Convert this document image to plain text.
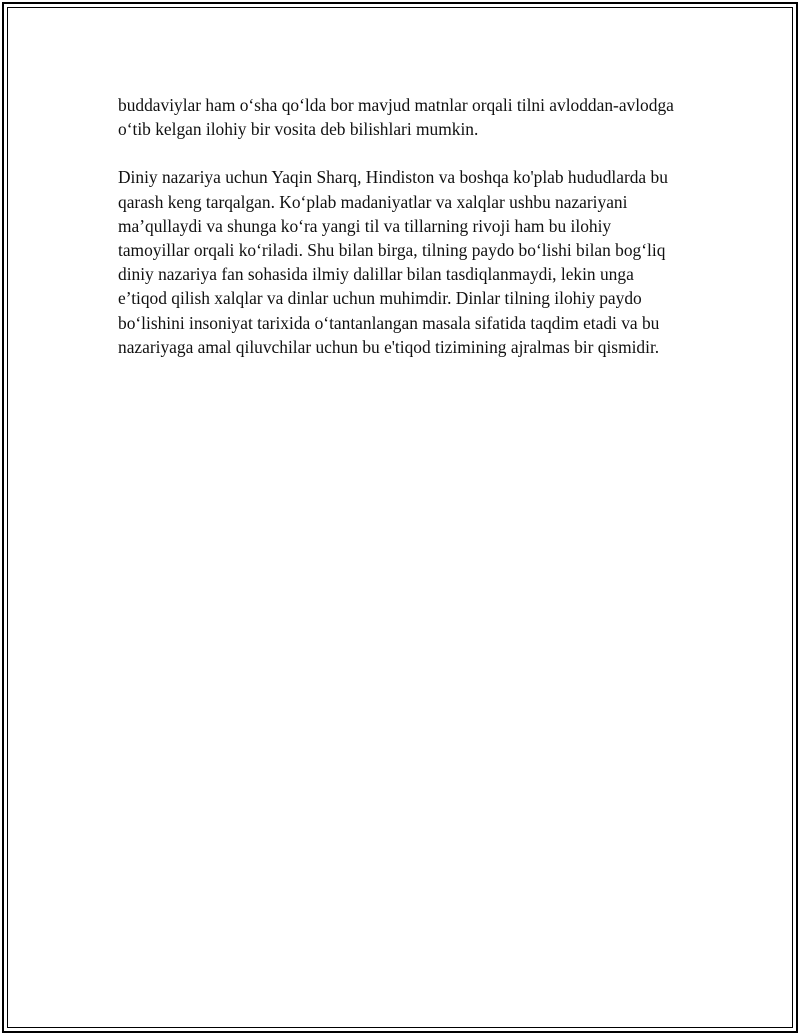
buddaviylar ham o‘sha qo‘lda bor mavjud matnlar orqali tilni avloddan-avlodga o‘tib kelgan ilohiy bir vosita deb bilishlari mumkin.

Diniy nazariya uchun Yaqin Sharq, Hindiston va boshqa ko'plab hududlarda bu qarash keng tarqalgan. Ko‘plab madaniyatlar va xalqlar ushbu nazariyani ma’qullaydi va shunga ko‘ra yangi til va tillarning rivoji ham bu ilohiy tamoyillar orqali ko‘riladi. Shu bilan birga, tilning paydo bo‘lishi bilan bog‘liq diniy nazariya fan sohasida ilmiy dalillar bilan tasdiqlanmaydi, lekin unga e’tiqod qilish xalqlar va dinlar uchun muhimdir. Dinlar tilning ilohiy paydo bo‘lishini insoniyat tarixida o‘tantanlangan masala sifatida taqdim etadi va bu nazariyaga amal qiluvchilar uchun bu e'tiqod tizimining ajralmas bir qismidir.
